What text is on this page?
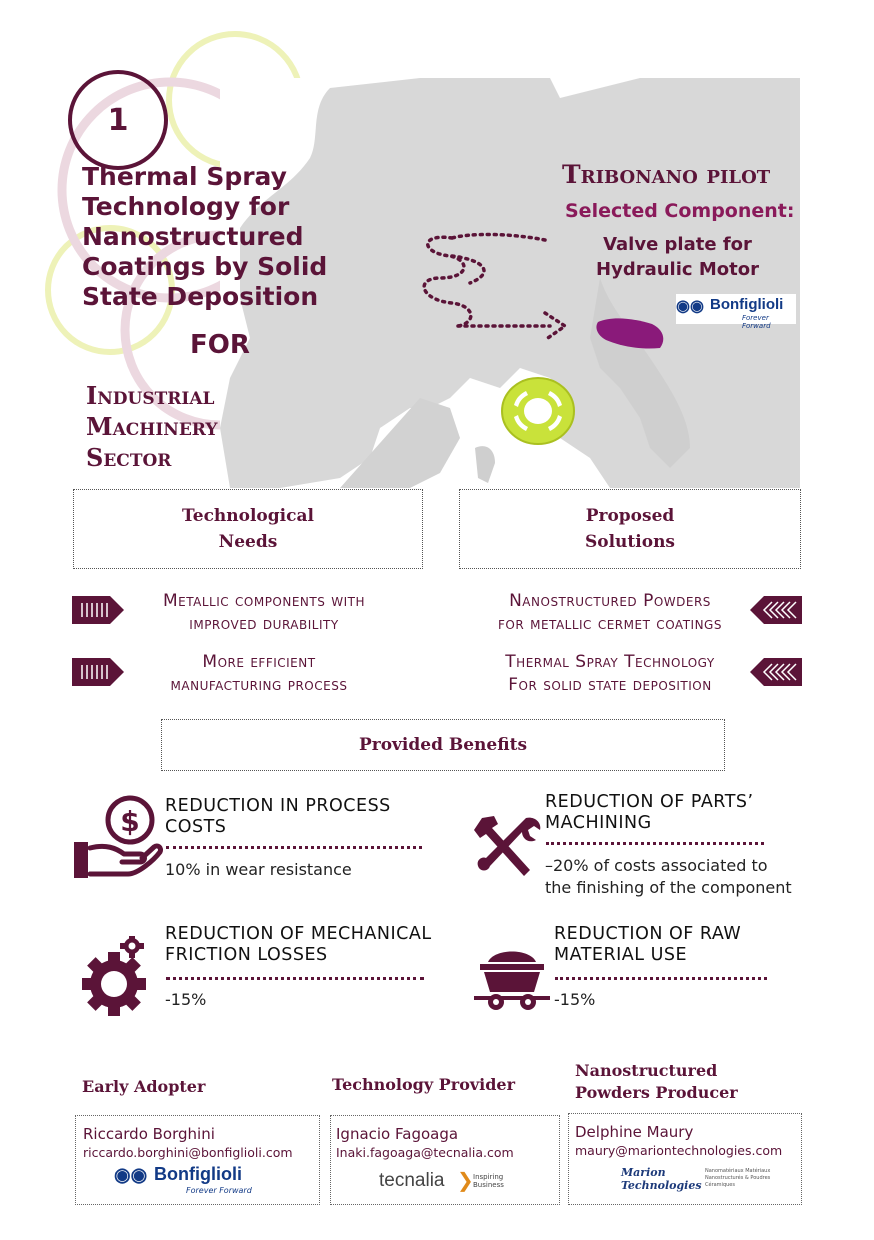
1
Thermal Spray
Technology for
Nanostructured
Coatings by Solid
State Deposition
FOR
Industrial
Machinery
Sector
Tribonano pilot
Selected Component:
Valve plate for
Hydraulic Motor
◉◉ Bonfiglioli
Forever Forward
Technological
Needs
Proposed
Solutions
Metallic components with
improved durability
More efficient
manufacturing process
Nanostructured Powders
for metallic cermet coatings
Thermal Spray Technology
For solid state deposition
Provided Benefits
$ REDUCTION IN PROCESS
COSTS
10% in wear resistance
REDUCTION OF PARTS’
MACHINING
–20% of costs associated to
the finishing of the component
REDUCTION OF MECHANICAL
FRICTION LOSSES
-15%
REDUCTION OF RAW
MATERIAL USE
-15%
Early Adopter	Technology Provider
Nanostructured
Powders Producer
Riccardo Borghini
riccardo.borghini@bonfiglioli.com
◉◉ Bonfiglioli
Forever Forward
Ignacio Fagoaga
Inaki.fagoaga@tecnalia.com
tecnalia ❯ Inspiring Business
Delphine Maury
maury@mariontechnologies.com
Marion Technologies
Nanomatériaux Matériaux Nanostructurés & Poudres Céramiques
